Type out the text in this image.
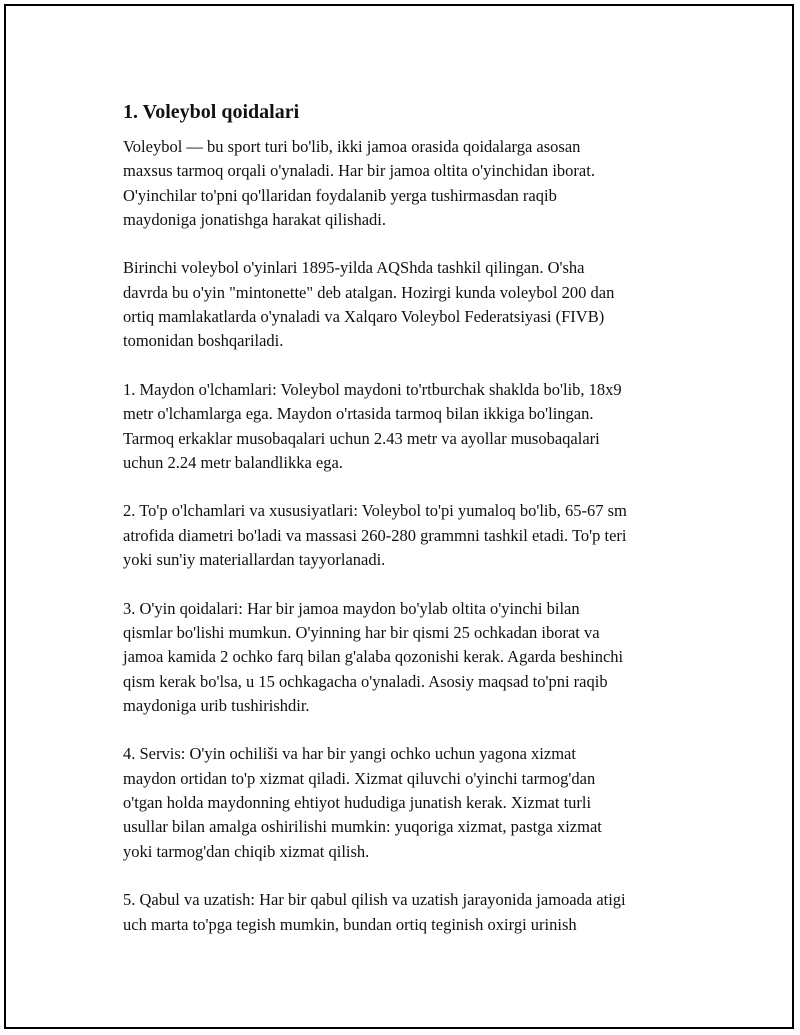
1. Voleybol qoidalari

Voleybol — bu sport turi bo'lib, ikki jamoa orasida qoidalarga asosan
maxsus tarmoq orqali o'ynaladi. Har bir jamoa oltita o'yinchidan iborat.
O'yinchilar to'pni qo'llaridan foydalanib yerga tushirmasdan raqib
maydoniga jonatishga harakat qilishadi.

Birinchi voleybol o'yinlari 1895-yilda AQShda tashkil qilingan. O'sha
davrda bu o'yin "mintonette" deb atalgan. Hozirgi kunda voleybol 200 dan
ortiq mamlakatlarda o'ynaladi va Xalqaro Voleybol Federatsiyasi (FIVB)
tomonidan boshqariladi.

1. Maydon o'lchamlari: Voleybol maydoni to'rtburchak shaklda bo'lib, 18x9
metr o'lchamlarga ega. Maydon o'rtasida tarmoq bilan ikkiga bo'lingan.
Tarmoq erkaklar musobaqalari uchun 2.43 metr va ayollar musobaqalari
uchun 2.24 metr balandlikka ega.

2. To'p o'lchamlari va xususiyatlari: Voleybol to'pi yumaloq bo'lib, 65-67 sm
atrofida diametri bo'ladi va massasi 260-280 grammni tashkil etadi. To'p teri
yoki sun'iy materiallardan tayyorlanadi.

3. O'yin qoidalari: Har bir jamoa maydon bo'ylab oltita o'yinchi bilan
qismlar bo'lishi mumkun. O'yinning har bir qismi 25 ochkadan iborat va
jamoa kamida 2 ochko farq bilan g'alaba qozonishi kerak. Agarda beshinchi
qism kerak bo'lsa, u 15 ochkagacha o'ynaladi. Asosiy maqsad to'pni raqib
maydoniga urib tushirishdir.

4. Servis: O'yin ochiliši va har bir yangi ochko uchun yagona xizmat
maydon ortidan to'p xizmat qiladi. Xizmat qiluvchi o'yinchi tarmog'dan
o'tgan holda maydonning ehtiyot hududiga junatish kerak. Xizmat turli
usullar bilan amalga oshirilishi mumkin: yuqoriga xizmat, pastga xizmat
yoki tarmog'dan chiqib xizmat qilish.

5. Qabul va uzatish: Har bir qabul qilish va uzatish jarayonida jamoada atigi
uch marta to'pga tegish mumkin, bundan ortiq teginish oxirgi urinish
